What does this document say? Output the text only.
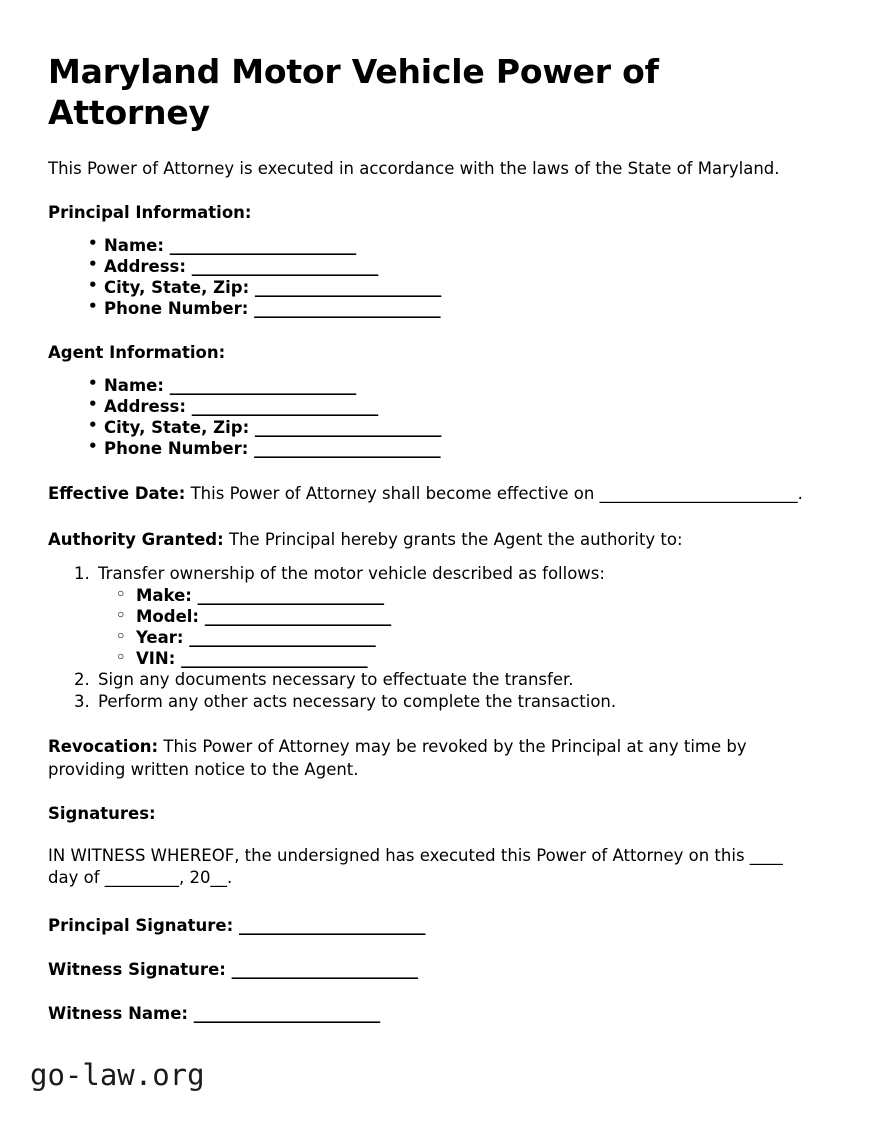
Maryland Motor Vehicle Power of Attorney

This Power of Attorney is executed in accordance with the laws of the State of Maryland.

Principal Information:
• Name: ________________________
• Address: ________________________
• City, State, Zip: ________________________
• Phone Number: ________________________
Agent Information:
• Name: ________________________
• Address: ________________________
• City, State, Zip: ________________________
• Phone Number: ________________________

Effective Date: This Power of Attorney shall become effective on ________________________.

Authority Granted: The Principal hereby grants the Agent the authority to:

Transfer ownership of the motor vehicle described as follows:
◦ Make: ________________________
◦ Model: ________________________
◦ Year: ________________________
◦ VIN: ________________________
Sign any documents necessary to effectuate the transfer.
Perform any other acts necessary to complete the transaction.

Revocation: This Power of Attorney may be revoked by the Principal at any time by providing written notice to the Agent.

Signatures:

IN WITNESS WHEREOF, the undersigned has executed this Power of Attorney on this ____ day of _________, 20__.

Principal Signature: ________________________
Witness Signature: ________________________
Witness Name: ________________________
go-law.org
